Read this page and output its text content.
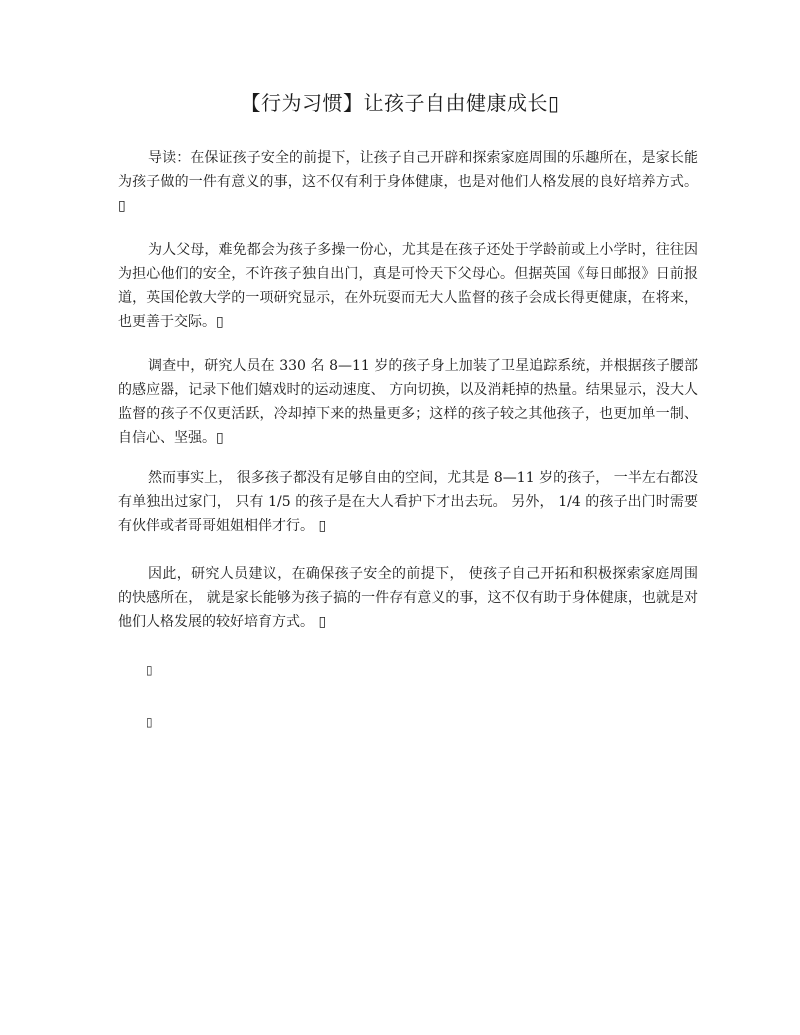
【行为习惯】让孩子自由健康成长▯
导读：在保证孩子安全的前提下，让孩子自己开辟和探索家庭周围的乐趣所在，是家长能为孩子做的一件有意义的事，这不仅有利于身体健康，也是对他们人格发展的良好培养方式。 ▯
为人父母，难免都会为孩子多操一份心，尤其是在孩子还处于学龄前或上小学时，往往因为担心他们的安全，不许孩子独自出门，真是可怜天下父母心。但据英国《每日邮报》日前报道，英国伦敦大学的一项研究显示，在外玩耍而无大人监督的孩子会成长得更健康，在将来，也更善于交际。▯
调查中，研究人员在 330 名 8—11 岁的孩子身上加装了卫星追踪系统，并根据孩子腰部的感应器，记录下他们嬉戏时的运动速度、 方向切换，以及消耗掉的热量。结果显示，没大人监督的孩子不仅更活跃，冷却掉下来的热量更多；这样的孩子较之其他孩子，也更加单一制、 自信心、坚强。▯
然而事实上， 很多孩子都没有足够自由的空间，尤其是 8—11 岁的孩子， 一半左右都没有单独出过家门， 只有 1/5 的孩子是在大人看护下才出去玩。 另外， 1/4 的孩子出门时需要有伙伴或者哥哥姐姐相伴才行。 ▯
因此，研究人员建议，在确保孩子安全的前提下， 使孩子自己开拓和积极探索家庭周围的快感所在， 就是家长能够为孩子搞的一件存有意义的事，这不仅有助于身体健康，也就是对他们人格发展的较好培育方式。 ▯
▯
▯
